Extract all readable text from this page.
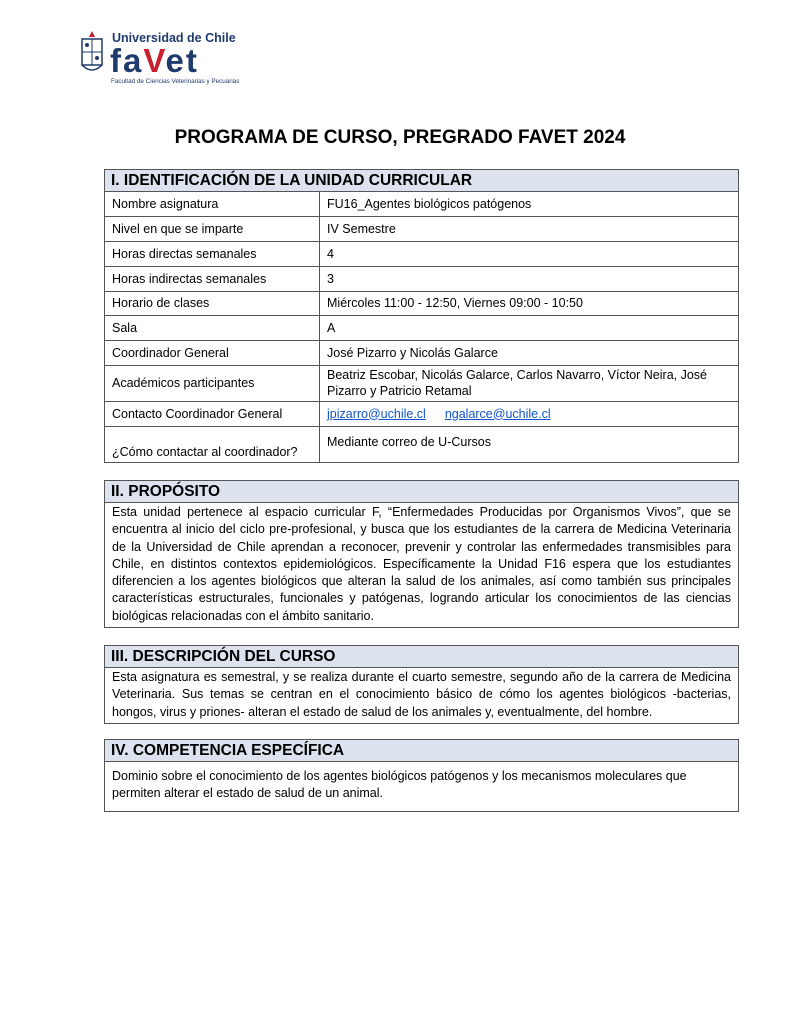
Universidad de Chile
faVet
Facultad de Ciencias Veterinarias y Pecuarias
PROGRAMA DE CURSO, PREGRADO FAVET 2024
I. IDENTIFICACIÓN DE LA UNIDAD CURRICULAR
Nombre asignatura	FU16_Agentes biológicos patógenos
Nivel en que se imparte	IV Semestre
Horas directas semanales	4
Horas indirectas semanales	3
Horario de clases	Miércoles 11:00 - 12:50, Viernes 09:00 - 10:50
Sala	A
Coordinador General	José Pizarro y Nicolás Galarce
Académicos participantes	Beatriz Escobar, Nicolás Galarce, Carlos Navarro, Víctor Neira, José Pizarro y Patricio Retamal
Contacto Coordinador General	jpizarro@uchile.cl ngalarce@uchile.cl
¿Cómo contactar al coordinador?	Mediante correo de U-Cursos
II. PROPÓSITO
Esta unidad pertenece al espacio curricular F, “Enfermedades Producidas por Organismos Vivos”, que se encuentra al inicio del ciclo pre-profesional, y busca que los estudiantes de la carrera de Medicina Veterinaria de la Universidad de Chile aprendan a reconocer, prevenir y controlar las enfermedades transmisibles para Chile, en distintos contextos epidemiológicos. Específicamente la Unidad F16 espera que los estudiantes diferencien a los agentes biológicos que alteran la salud de los animales, así como también sus principales características estructurales, funcionales y patógenas, logrando articular los conocimientos de las ciencias biológicas relacionadas con el ámbito sanitario.
III. DESCRIPCIÓN DEL CURSO
Esta asignatura es semestral, y se realiza durante el cuarto semestre, segundo año de la carrera de Medicina Veterinaria. Sus temas se centran en el conocimiento básico de cómo los agentes biológicos -bacterias, hongos, virus y priones- alteran el estado de salud de los animales y, eventualmente, del hombre.
IV. COMPETENCIA ESPECÍFICA
Dominio sobre el conocimiento de los agentes biológicos patógenos y los mecanismos moleculares que permiten alterar el estado de salud de un animal.
